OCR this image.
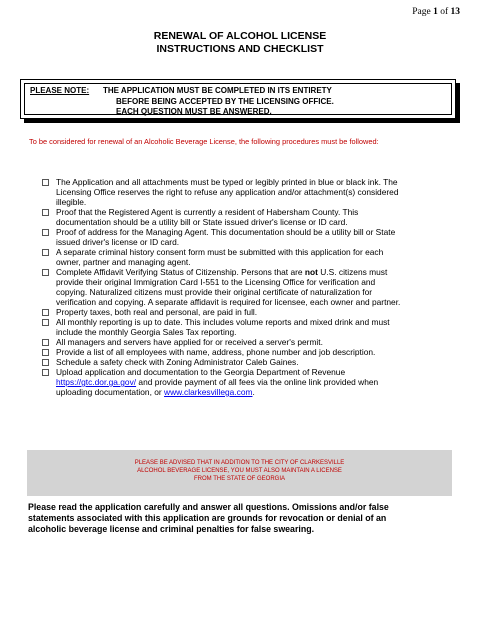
Page 1 of 13
RENEWAL OF ALCOHOL LICENSE
INSTRUCTIONS AND CHECKLIST
PLEASE NOTE: THE APPLICATION MUST BE COMPLETED IN ITS ENTIRETY
BEFORE BEING ACCEPTED BY THE LICENSING OFFICE.
EACH QUESTION MUST BE ANSWERED.
To be considered for renewal of an Alcoholic Beverage License, the following procedures must be followed:
The Application and all attachments must be typed or legibly printed in blue or black ink. The
Licensing Office reserves the right to refuse any application and/or attachment(s) considered
illegible.
Proof that the Registered Agent is currently a resident of Habersham County. This
documentation should be a utility bill or State issued driver's license or ID card.
Proof of address for the Managing Agent. This documentation should be a utility bill or State
issued driver's license or ID card.
A separate criminal history consent form must be submitted with this application for each
owner, partner and managing agent.
Complete Affidavit Verifying Status of Citizenship. Persons that are not U.S. citizens must
provide their original Immigration Card I-551 to the Licensing Office for verification and
copying. Naturalized citizens must provide their original certificate of naturalization for
verification and copying. A separate affidavit is required for licensee, each owner and partner.
Property taxes, both real and personal, are paid in full.
All monthly reporting is up to date. This includes volume reports and mixed drink and must
include the monthly Georgia Sales Tax reporting.
All managers and servers have applied for or received a server's permit.
Provide a list of all employees with name, address, phone number and job description.
Schedule a safety check with Zoning Administrator Caleb Gaines.
Upload application and documentation to the Georgia Department of Revenue
https://gtc.dor.ga.gov/ and provide payment of all fees via the online link provided when
uploading documentation, or www.clarkesvillega.com.
PLEASE BE ADVISED THAT IN ADDITION TO THE CITY OF CLARKESVILLE
ALCOHOL BEVERAGE LICENSE, YOU MUST ALSO MAINTAIN A LICENSE
FROM THE STATE OF GEORGIA
Please read the application carefully and answer all questions. Omissions and/or false
statements associated with this application are grounds for revocation or denial of an
alcoholic beverage license and criminal penalties for false swearing.
